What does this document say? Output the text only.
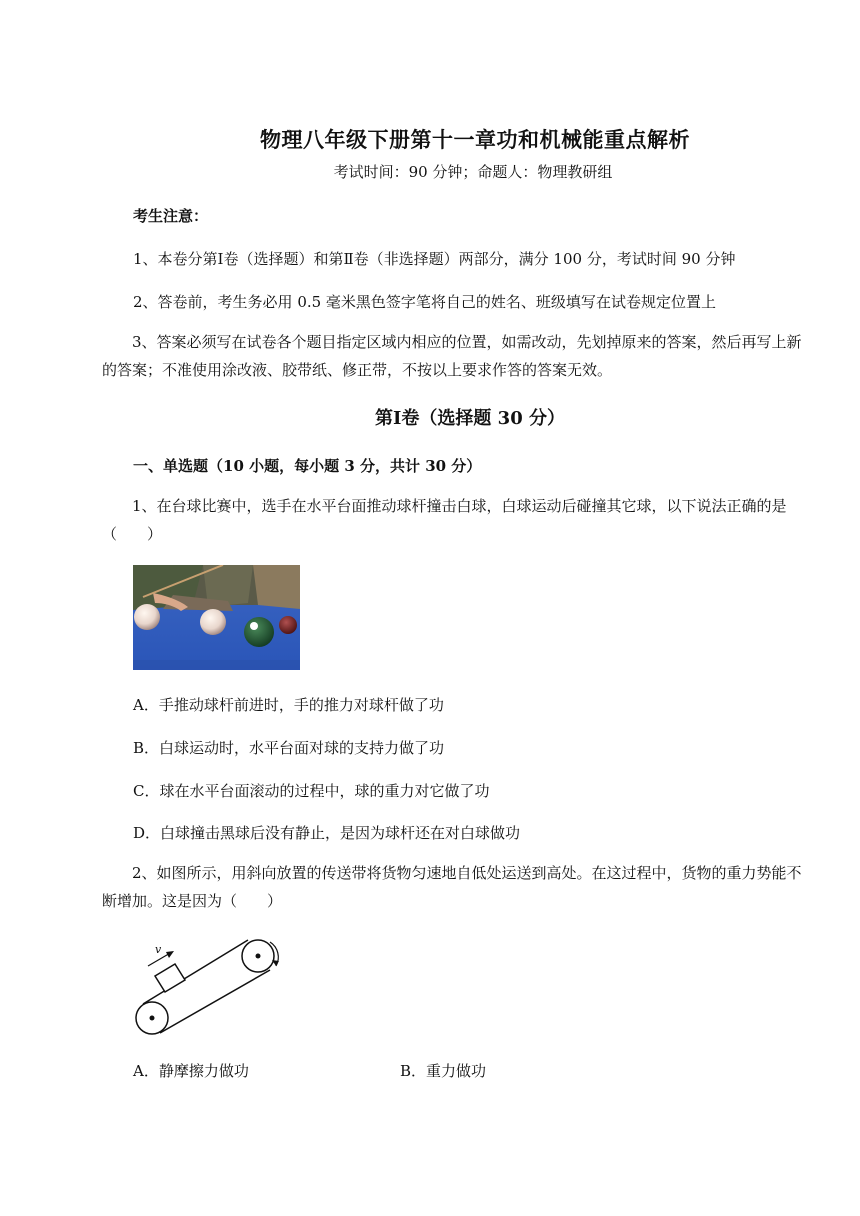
物理八年级下册第十一章功和机械能重点解析
考试时间：90 分钟；命题人：物理教研组
考生注意：
1、本卷分第Ⅰ卷（选择题）和第Ⅱ卷（非选择题）两部分，满分 100 分，考试时间 90 分钟
2、答卷前，考生务必用 0.5 毫米黑色签字笔将自己的姓名、班级填写在试卷规定位置上
3、答案必须写在试卷各个题目指定区域内相应的位置，如需改动，先划掉原来的答案，然后再写上新的答案；不准使用涂改液、胶带纸、修正带，不按以上要求作答的答案无效。
第Ⅰ卷（选择题 30 分）
一、单选题（10 小题，每小题 3 分，共计 30 分）
1、在台球比赛中，选手在水平台面推动球杆撞击白球，白球运动后碰撞其它球，以下说法正确的是（　　）
A．手推动球杆前进时，手的推力对球杆做了功
B．白球运动时，水平台面对球的支持力做了功
C．球在水平台面滚动的过程中，球的重力对它做了功
D．白球撞击黑球后没有静止，是因为球杆还在对白球做功
2、如图所示，用斜向放置的传送带将货物匀速地自低处运送到高处。在这过程中，货物的重力势能不断增加。这是因为（　　）
v
A．静摩擦力做功	B．重力做功
